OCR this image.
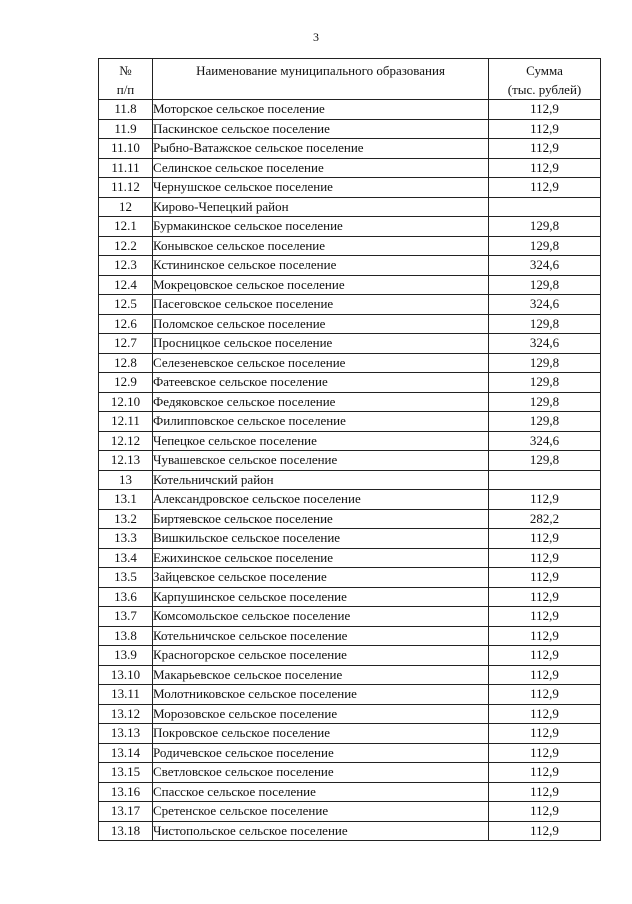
3
№
п/п	Наименование муниципального образования	Сумма
(тыс. рублей)

11.8	Моторское сельское поселение	112,9
11.9	Паскинское сельское поселение	112,9
11.10	Рыбно-Ватажское сельское поселение	112,9
11.11	Селинское сельское поселение	112,9
11.12	Чернушское сельское поселение	112,9
12	Кирово-Чепецкий район	
12.1	Бурмакинское сельское поселение	129,8
12.2	Конывское сельское поселение	129,8
12.3	Кстининское сельское поселение	324,6
12.4	Мокрецовское сельское поселение	129,8
12.5	Пасеговское сельское поселение	324,6
12.6	Поломское сельское поселение	129,8
12.7	Просницкое сельское поселение	324,6
12.8	Селезеневское сельское поселение	129,8
12.9	Фатеевское сельское поселение	129,8
12.10	Федяковское сельское поселение	129,8
12.11	Филипповское сельское поселение	129,8
12.12	Чепецкое сельское поселение	324,6
12.13	Чувашевское сельское поселение	129,8
13	Котельничский район	
13.1	Александровское сельское поселение	112,9
13.2	Биртяевское сельское поселение	282,2
13.3	Вишкильское сельское поселение	112,9
13.4	Ежихинское сельское поселение	112,9
13.5	Зайцевское сельское поселение	112,9
13.6	Карпушинское сельское поселение	112,9
13.7	Комсомольское сельское поселение	112,9
13.8	Котельничское сельское поселение	112,9
13.9	Красногорское сельское поселение	112,9
13.10	Макарьевское сельское поселение	112,9
13.11	Молотниковское сельское поселение	112,9
13.12	Морозовское сельское поселение	112,9
13.13	Покровское сельское поселение	112,9
13.14	Родичевское сельское поселение	112,9
13.15	Светловское сельское поселение	112,9
13.16	Спасское сельское поселение	112,9
13.17	Сретенское сельское поселение	112,9
13.18	Чистопольское сельское поселение	112,9
